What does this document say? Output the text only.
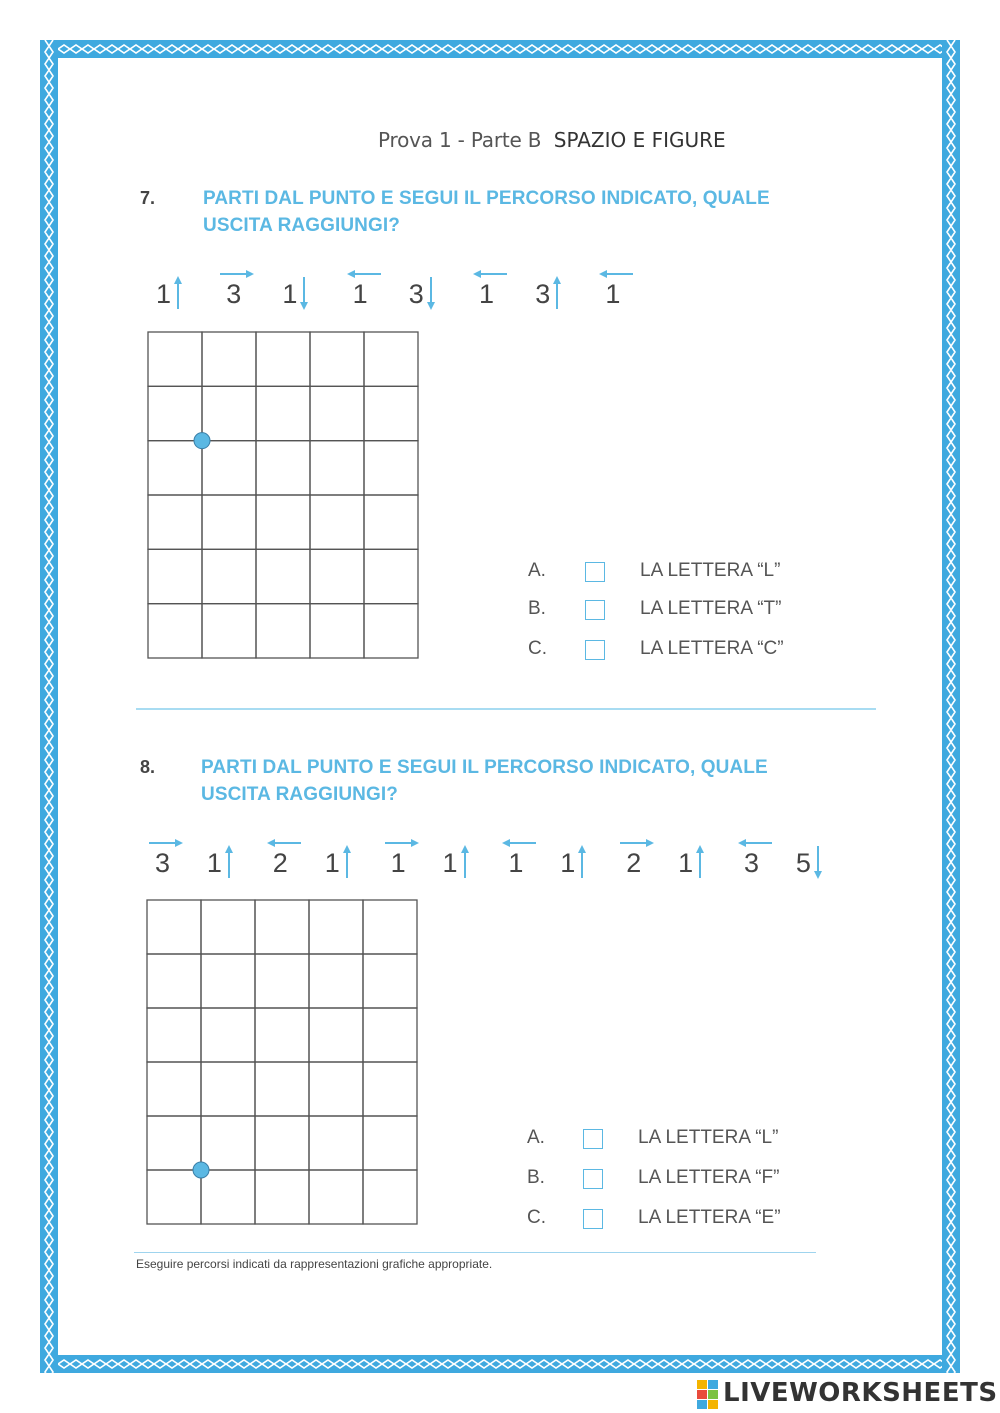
Prova 1 - Parte B SPAZIO E FIGURE
7.	PARTI DAL PUNTO E SEGUI IL PERCORSO INDICATO, QUALE
USCITA RAGGIUNGI?
1 3 1 1 3 1 3 1
A.	LA LETTERA “L”
B.	LA LETTERA “T”
C.	LA LETTERA “C”
8. PARTI DAL PUNTO E SEGUI IL PERCORSO INDICATO, QUALE
USCITA RAGGIUNGI?
3 1 2 1 1 1 1 1 2 1 3 5
A.	LA LETTERA “L”
B.	LA LETTERA “F”
C.	LA LETTERA “E”
Eseguire percorsi indicati da rappresentazioni grafiche appropriate.
LIVEWORKSHEETS
